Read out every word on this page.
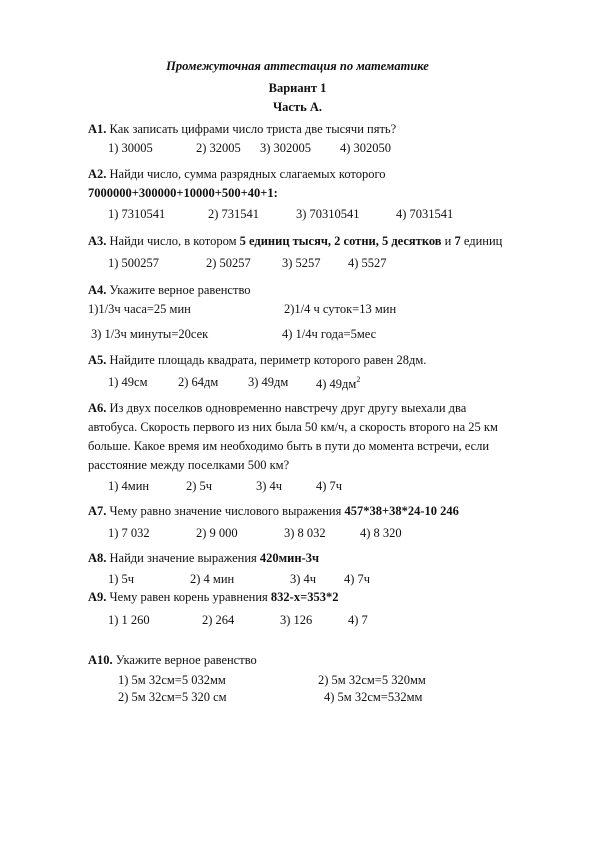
Промежуточная аттестация по математике
Вариант 1
Часть А.
А1. Как записать цифрами число триста две тысячи пять?
1) 30005	2) 32005 3) 302005 4) 302050
А2. Найди число, сумма разрядных слагаемых которого
7000000+300000+10000+500+40+1:
1) 7310541	2) 731541	3) 70310541	4) 7031541
А3. Найди число, в котором 5 единиц тысяч, 2 сотни, 5 десятков и 7 единиц
1) 500257	2) 50257 3) 5257 4) 5527
А4. Укажите верное равенство
1)1/3ч часа=25 мин	2)1/4 ч суток=13 мин
3) 1/3ч минуты=20сек	4) 1/4ч года=5мес
А5. Найдите площадь квадрата, периметр которого равен 28дм.
1) 49см 2) 64дм 3) 49дм 4) $49дм^2$
А6. Из двух поселков одновременно навстречу друг другу выехали два
автобуса. Скорость первого из них была 50 км/ч, а скорость второго на 25 км
больше. Какое время им необходимо быть в пути до момента встречи, если
расстояние между поселками 500 км?
1) 4мин	2) 5ч	3) 4ч	4) 7ч
А7. Чему равно значение числового выражения 457*38+38*24-10 246
1) 7 032	2) 9 000	3) 8 032	4) 8 320
А8. Найди значение выражения 420мин-3ч
1) 5ч	2) 4 мин	3) 4ч 4) 7ч
А9. Чему равен корень уравнения 832-х=353*2
1) 1 260	2) 264	3) 126	4) 7
А10. Укажите верное равенство
1) 5м 32см=5 032мм	2) 5м 32см=5 320мм
2) 5м 32см=5 320 см	4) 5м 32см=532мм
